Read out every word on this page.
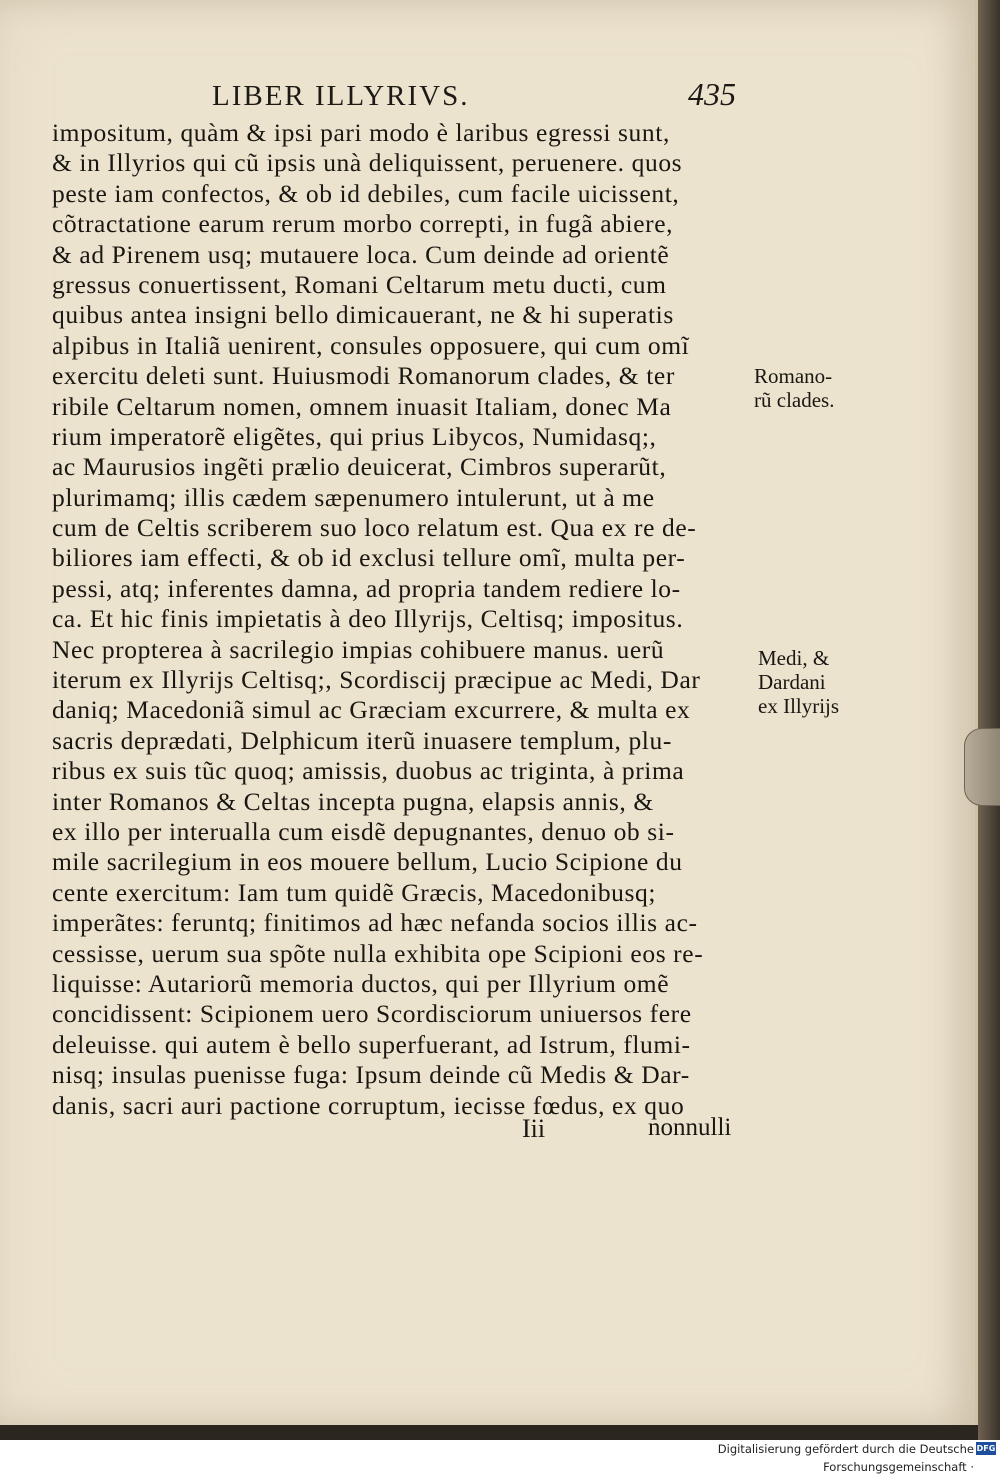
LIBER ILLYRIVS.	435
impositum, quàm & ipsi pari modo è laribus egressi sunt,
& in Illyrios qui cũ ipsis unà deliquissent, peruenere. quos
peste iam confectos, & ob id debiles, cum facile uicissent,
cõtractatione earum rerum morbo correpti, in fugã abiere,
& ad Pirenem usq; mutauere loca. Cum deinde ad orientẽ
gressus conuertissent, Romani Celtarum metu ducti, cum
quibus antea insigni bello dimicauerant, ne & hi superatis
alpibus in Italiã uenirent, consules opposuere, qui cum omĩ
exercitu deleti sunt. Huiusmodi Romanorum clades, & ter
ribile Celtarum nomen, omnem inuasit Italiam, donec Ma
rium imperatorẽ eligẽtes, qui prius Libycos, Numidasq;,
ac Maurusios ingẽti prælio deuicerat, Cimbros superarũt,
plurimamq; illis cædem sæpenumero intulerunt, ut à me
cum de Celtis scriberem suo loco relatum est. Qua ex re de-
biliores iam effecti, & ob id exclusi tellure omĩ, multa per-
pessi, atq; inferentes damna, ad propria tandem rediere lo-
ca. Et hic finis impietatis à deo Illyrijs, Celtisq; impositus.
Nec propterea à sacrilegio impias cohibuere manus. uerũ
iterum ex Illyrijs Celtisq;, Scordiscij præcipue ac Medi, Dar
daniq; Macedoniã simul ac Græciam excurrere, & multa ex
sacris deprædati, Delphicum iterũ inuasere templum, plu-
ribus ex suis tũc quoq; amissis, duobus ac triginta, à prima
inter Romanos & Celtas incepta pugna, elapsis annis, &
ex illo per interualla cum eisdẽ depugnantes, denuo ob si-
mile sacrilegium in eos mouere bellum, Lucio Scipione du
cente exercitum: Iam tum quidẽ Græcis, Macedonibusq;
imperãtes: feruntq; finitimos ad hæc nefanda socios illis ac-
cessisse, uerum sua spõte nulla exhibita ope Scipioni eos re-
liquisse: Autariorũ memoria ductos, qui per Illyrium omẽ
concidissent: Scipionem uero Scordisciorum uniuersos fere
deleuisse. qui autem è bello superfuerant, ad Istrum, flumi-
nisq; insulas puenisse fuga: Ipsum deinde cũ Medis & Dar-
danis, sacri auri pactione corruptum, iecisse fœdus, ex quo
Romano-
rũ clades.
Medi, &
Dardani
ex Illyrijs
Iii	nonnulli
Digitalisierung gefördert durch die Deutsche Forschungsgemeinschaft ·
DFG
